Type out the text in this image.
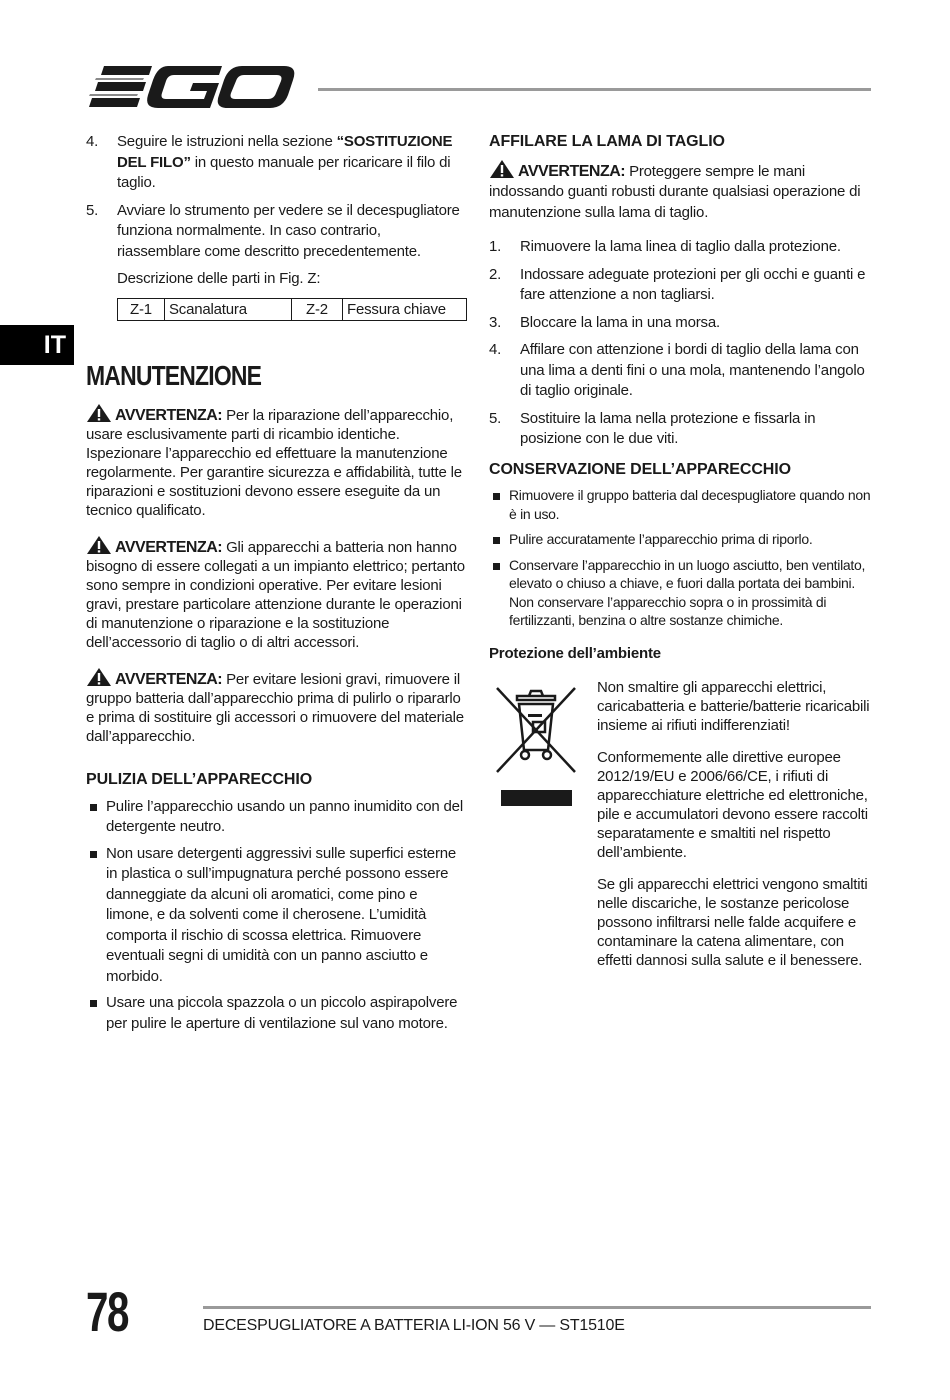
IT
4. Seguire le istruzioni nella sezione “SOSTITUZIONE DEL FILO” in questo manuale per ricaricare il filo di taglio.
5. Avviare lo strumento per vedere se il decespugliatore funziona normalmente. In caso contrario, riassemblare come descritto precedentemente.
Descrizione delle parti in Fig. Z:
Z-1	Scanalatura	Z-2	Fessura chiave
MANUTENZIONE
AVVERTENZA: Per la riparazione dell’apparecchio, usare esclusivamente parti di ricambio identiche. Ispezionare l’apparecchio ed effettuare la manutenzione regolarmente. Per garantire sicurezza e affidabilità, tutte le riparazioni e sostituzioni devono essere eseguite da un tecnico qualificato.
AVVERTENZA: Gli apparecchi a batteria non hanno bisogno di essere collegati a un impianto elettrico; pertanto sono sempre in condizioni operative. Per evitare lesioni gravi, prestare particolare attenzione durante le operazioni di manutenzione o riparazione e la sostituzione dell’accessorio di taglio o di altri accessori.
AVVERTENZA: Per evitare lesioni gravi, rimuovere il gruppo batteria dall’apparecchio prima di pulirlo o ripararlo e prima di sostituire gli accessori o rimuovere del materiale dall’apparecchio.
PULIZIA DELL’APPARECCHIO
Pulire l’apparecchio usando un panno inumidito con del detergente neutro.
Non usare detergenti aggressivi sulle superfici esterne in plastica o sull’impugnatura perché possono essere danneggiate da alcuni oli aromatici, come pino e limone, e da solventi come il cherosene. L’umidità comporta il rischio di scossa elettrica. Rimuovere eventuali segni di umidità con un panno asciutto e morbido.
Usare una piccola spazzola o un piccolo aspirapolvere per pulire le aperture di ventilazione sul vano motore.
AFFILARE LA LAMA DI TAGLIO
AVVERTENZA: Proteggere sempre le mani indossando guanti robusti durante qualsiasi operazione di manutenzione sulla lama di taglio.
1. Rimuovere la lama linea di taglio dalla protezione.
2. Indossare adeguate protezioni per gli occhi e guanti e fare attenzione a non tagliarsi.
3. Bloccare la lama in una morsa.
4. Affilare con attenzione i bordi di taglio della lama con una lima a denti fini o una mola, mantenendo l’angolo di taglio originale.
5. Sostituire la lama nella protezione e fissarla in posizione con le due viti.
CONSERVAZIONE DELL’APPARECCHIO
Rimuovere il gruppo batteria dal decespugliatore quando non è in uso.
Pulire accuratamente l’apparecchio prima di riporlo.
Conservare l’apparecchio in un luogo asciutto, ben ventilato, elevato o chiuso a chiave, e fuori dalla portata dei bambini. Non conservare l’apparecchio sopra o in prossimità di fertilizzanti, benzina o altre sostanze chimiche.
Protezione dell’ambiente

Non smaltire gli apparecchi elettrici, caricabatteria e batterie/batterie ricaricabili insieme ai rifiuti indifferenziati!

Conformemente alle direttive europee 2012/19/EU e 2006/66/CE, i rifiuti di apparecchiature elettriche ed elettroniche, pile e accumulatori devono essere raccolti separatamente e smaltiti nel rispetto dell’ambiente.

Se gli apparecchi elettrici vengono smaltiti nelle discariche, le sostanze pericolose possono infiltrarsi nelle falde acquifere e contaminare la catena alimentare, con effetti dannosi sulla salute e il benessere.

78	DECESPUGLIATORE A BATTERIA LI-ION 56 V — ST1510E
